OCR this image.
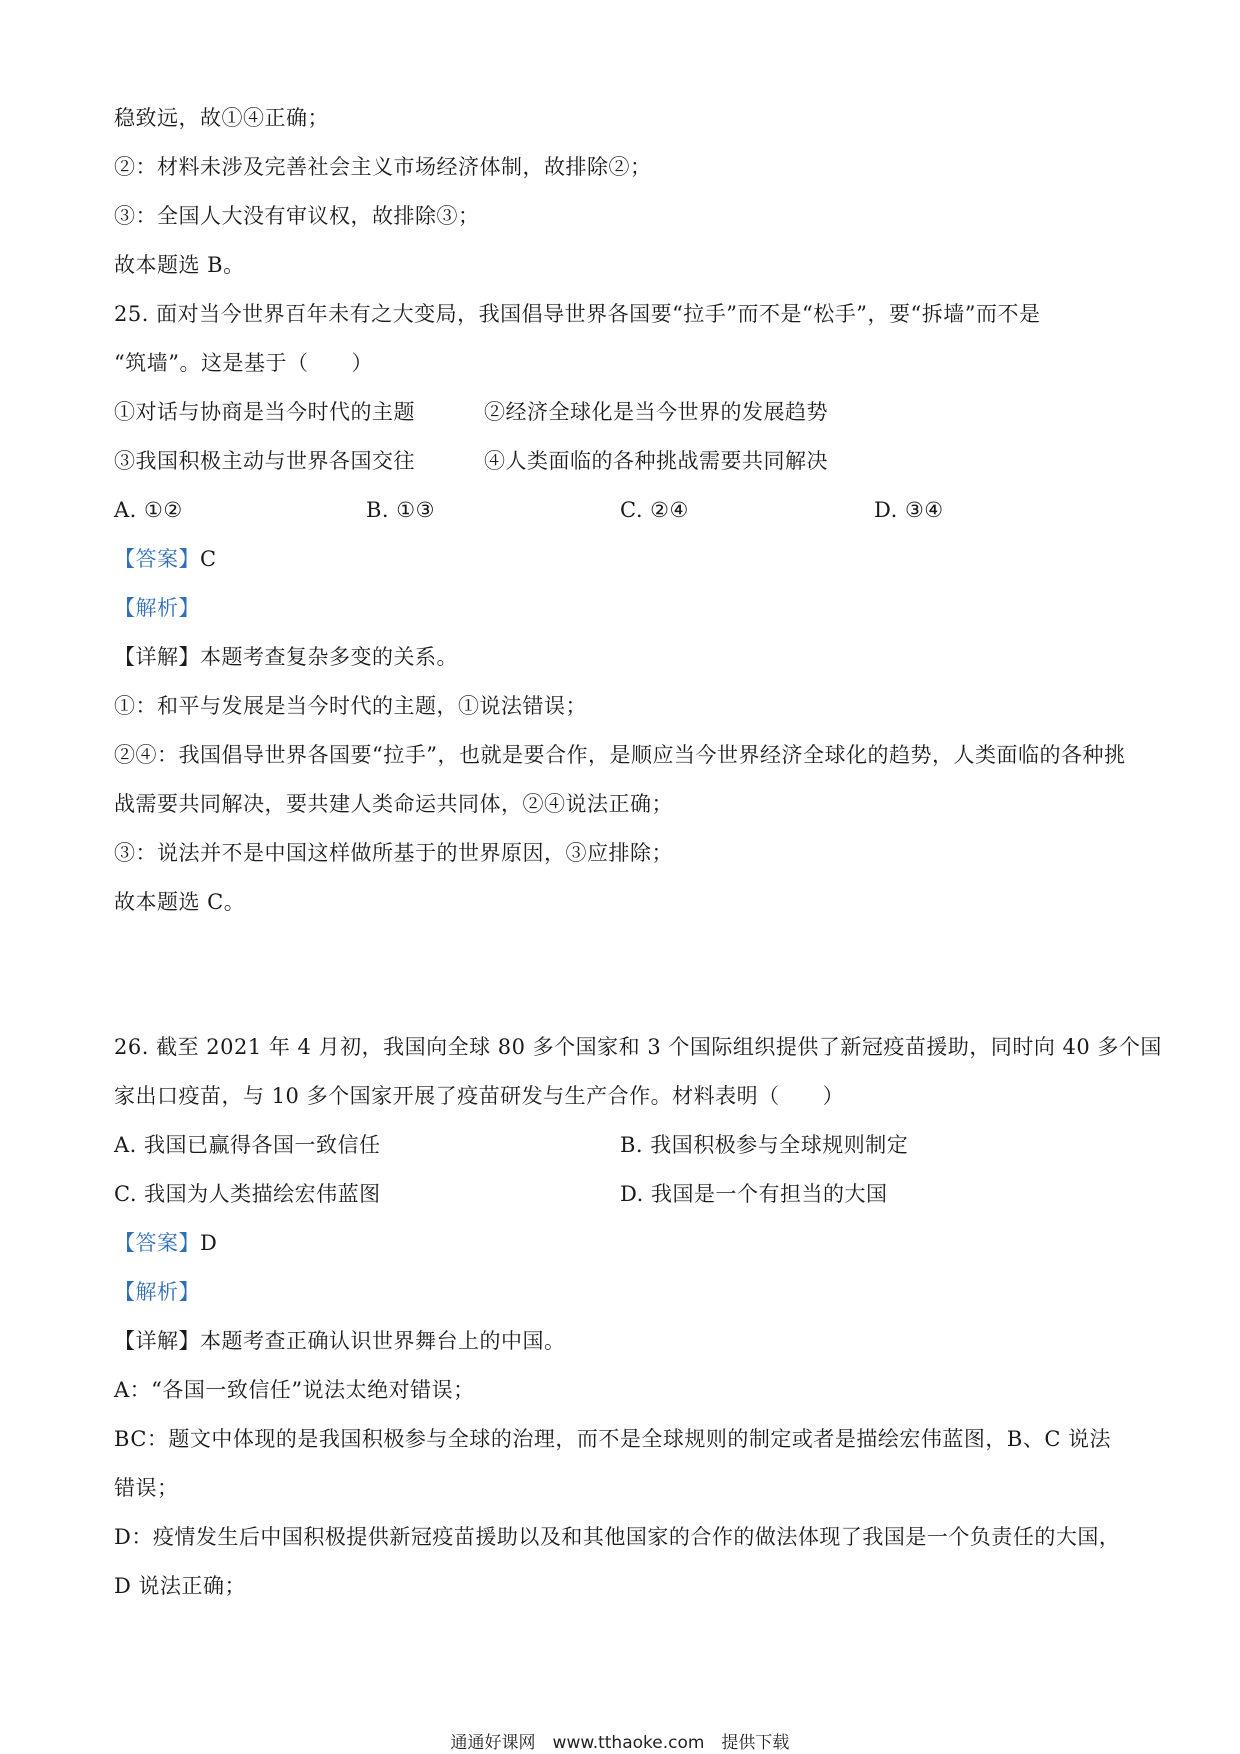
稳致远，故①④正确；
②：材料未涉及完善社会主义市场经济体制，故排除②；
③：全国人大没有审议权，故排除③；
故本题选 B。
25. 面对当今世界百年未有之大变局，我国倡导世界各国要“拉手”而不是“松手”，要“拆墙”而不是
“筑墙”。这是基于（　　）
①对话与协商是当今时代的主题	②经济全球化是当今世界的发展趋势
③我国积极主动与世界各国交往	④人类面临的各种挑战需要共同解决
A. ①②	B. ①③	C. ②④	D. ③④
【答案】C
【解析】
【详解】本题考查复杂多变的关系。
①：和平与发展是当今时代的主题，①说法错误；
②④：我国倡导世界各国要“拉手”，也就是要合作，是顺应当今世界经济全球化的趋势，人类面临的各种挑
战需要共同解决，要共建人类命运共同体，②④说法正确；
③：说法并不是中国这样做所基于的世界原因，③应排除；
故本题选 C。
26. 截至 2021 年 4 月初，我国向全球 80 多个国家和 3 个国际组织提供了新冠疫苗援助，同时向 40 多个国
家出口疫苗，与 10 多个国家开展了疫苗研发与生产合作。材料表明（　　）
A. 我国已赢得各国一致信任	B. 我国积极参与全球规则制定
C. 我国为人类描绘宏伟蓝图	D. 我国是一个有担当的大国
【答案】D
【解析】
【详解】本题考查正确认识世界舞台上的中国。
A：“各国一致信任”说法太绝对错误；
BC：题文中体现的是我国积极参与全球的治理，而不是全球规则的制定或者是描绘宏伟蓝图，B、C 说法
错误；
D：疫情发生后中国积极提供新冠疫苗援助以及和其他国家的合作的做法体现了我国是一个负责任的大国，
D 说法正确；
通通好课网　www.tthaoke.com　提供下载
